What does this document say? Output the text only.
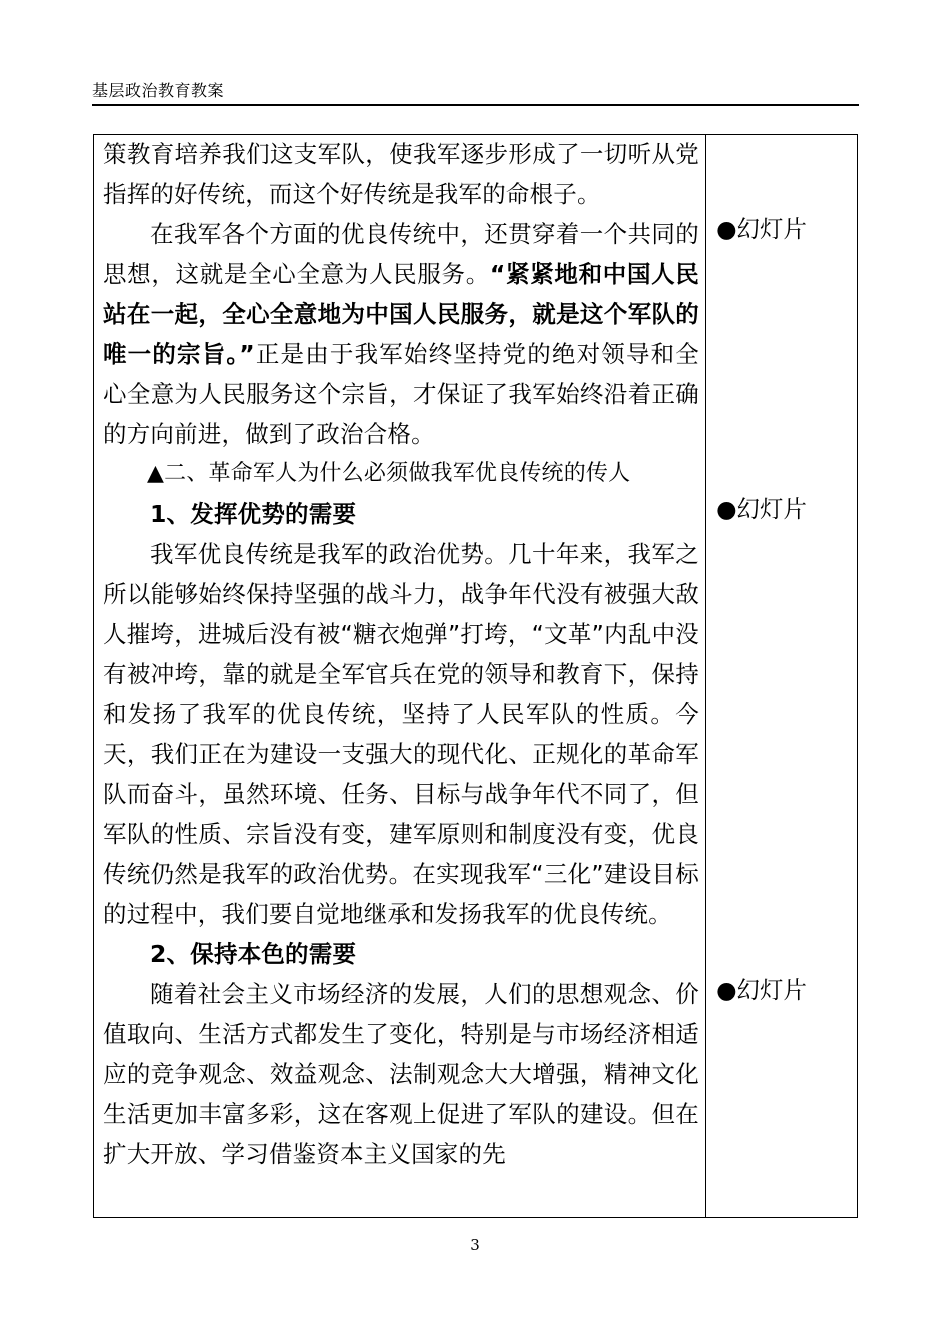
基层政治教育教案

策教育培养我们这支军队，使我军逐步形成了一切听从党指挥的好传统，而这个好传统是我军的命根子。

在我军各个方面的优良传统中，还贯穿着一个共同的思想，这就是全心全意为人民服务。“紧紧地和中国人民站在一起，全心全意地为中国人民服务，就是这个军队的唯一的宗旨。”正是由于我军始终坚持党的绝对领导和全心全意为人民服务这个宗旨，才保证了我军始终沿着正确的方向前进，做到了政治合格。

▲二、革命军人为什么必须做我军优良传统的传人

1、发挥优势的需要

我军优良传统是我军的政治优势。几十年来，我军之所以能够始终保持坚强的战斗力，战争年代没有被强大敌人摧垮，进城后没有被“糖衣炮弹”打垮，“文革”内乱中没有被冲垮，靠的就是全军官兵在党的领导和教育下，保持和发扬了我军的优良传统，坚持了人民军队的性质。今天，我们正在为建设一支强大的现代化、正规化的革命军队而奋斗，虽然环境、任务、目标与战争年代不同了，但军队的性质、宗旨没有变，建军原则和制度没有变，优良传统仍然是我军的政治优势。在实现我军“三化”建设目标的过程中，我们要自觉地继承和发扬我军的优良传统。

2、保持本色的需要

随着社会主义市场经济的发展，人们的思想观念、价值取向、生活方式都发生了变化，特别是与市场经济相适应的竞争观念、效益观念、法制观念大大增强，精神文化生活更加丰富多彩，这在客观上促进了军队的建设。但在扩大开放、学习借鉴资本主义国家的先

●幻灯片
●幻灯片
●幻灯片
3
